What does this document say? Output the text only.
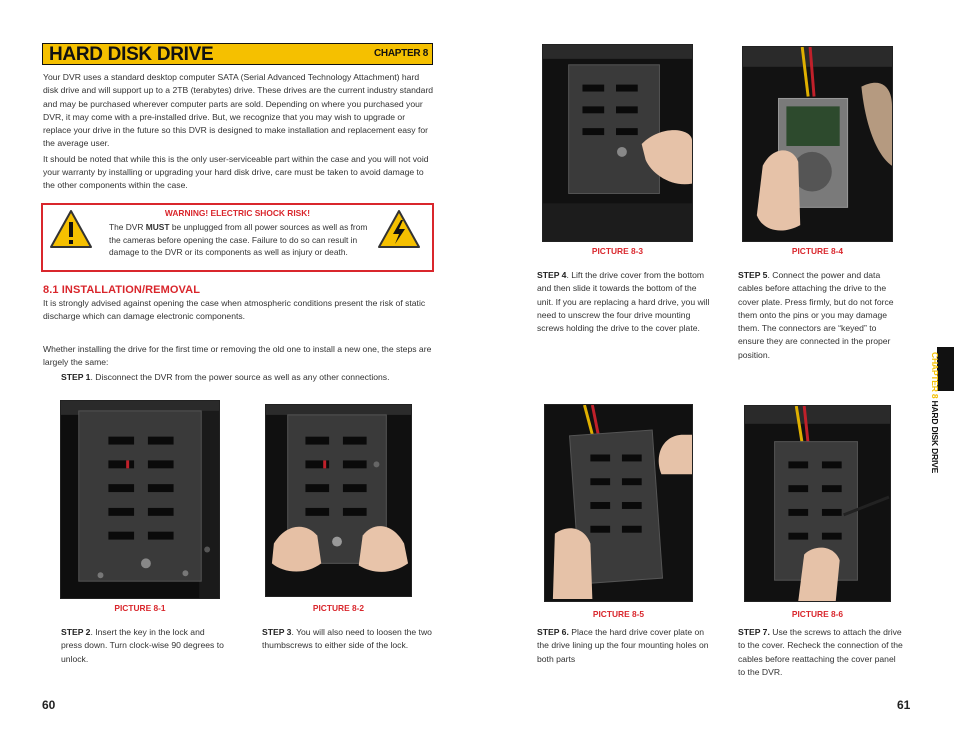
HARD DISK DRIVE	CHAPTER 8

Your DVR uses a standard desktop computer SATA (Serial Advanced Technology Attachment) hard disk drive and will support up to a 2TB (terabytes) drive. These drives are the current industry standard and may be purchased wherever computer parts are sold. Depending on where you purchased your DVR, it may come with a pre-installed drive. But, we recognize that you may wish to upgrade or replace your drive in the future so this DVR is designed to make installation and replacement easy for the average user.

It should be noted that while this is the only user-serviceable part within the case and you will not void your warranty by installing or upgrading your hard disk drive, care must be taken to avoid damage to the other components within the case.

WARNING! ELECTRIC SHOCK RISK!
The DVR MUST be unplugged from all power sources as well as from the cameras before opening the case. Failure to do so can result in damage to the DVR or its components as well as injury or death.
8.1 INSTALLATION/REMOVAL
It is strongly advised against opening the case when atmospheric conditions present the risk of static discharge which can damage electronic components.
Whether installing the drive for the first time or removing the old one to install a new one, the steps are largely the same:
STEP 1. Disconnect the DVR from the power source as well as any other connections.
PICTURE 8-1	PICTURE 8-2
STEP 2. Insert the key in the lock and press down. Turn clock-wise 90 degrees to unlock.
STEP 3. You will also need to loosen the two thumbscrews to either side of the lock.
60
PICTURE 8-3	PICTURE 8-4
STEP 4. Lift the drive cover from the bottom and then slide it towards the bottom of the unit. If you are replacing a hard drive, you will need to unscrew the four drive mounting screws holding the drive to the cover plate.
STEP 5. Connect the power and data cables before attaching the drive to the cover plate. Press firmly, but do not force them onto the pins or you may damage them. The connectors are “keyed” to ensure they are connected in the proper position.
PICTURE 8-5	PICTURE 8-6
STEP 6. Place the hard drive cover plate on the drive lining up the four mounting holes on both parts
STEP 7. Use the screws to attach the drive to the cover. Recheck the connection of the cables before reattaching the cover panel to the DVR.
61
CHAPTER 8 HARD DISK DRIVE
